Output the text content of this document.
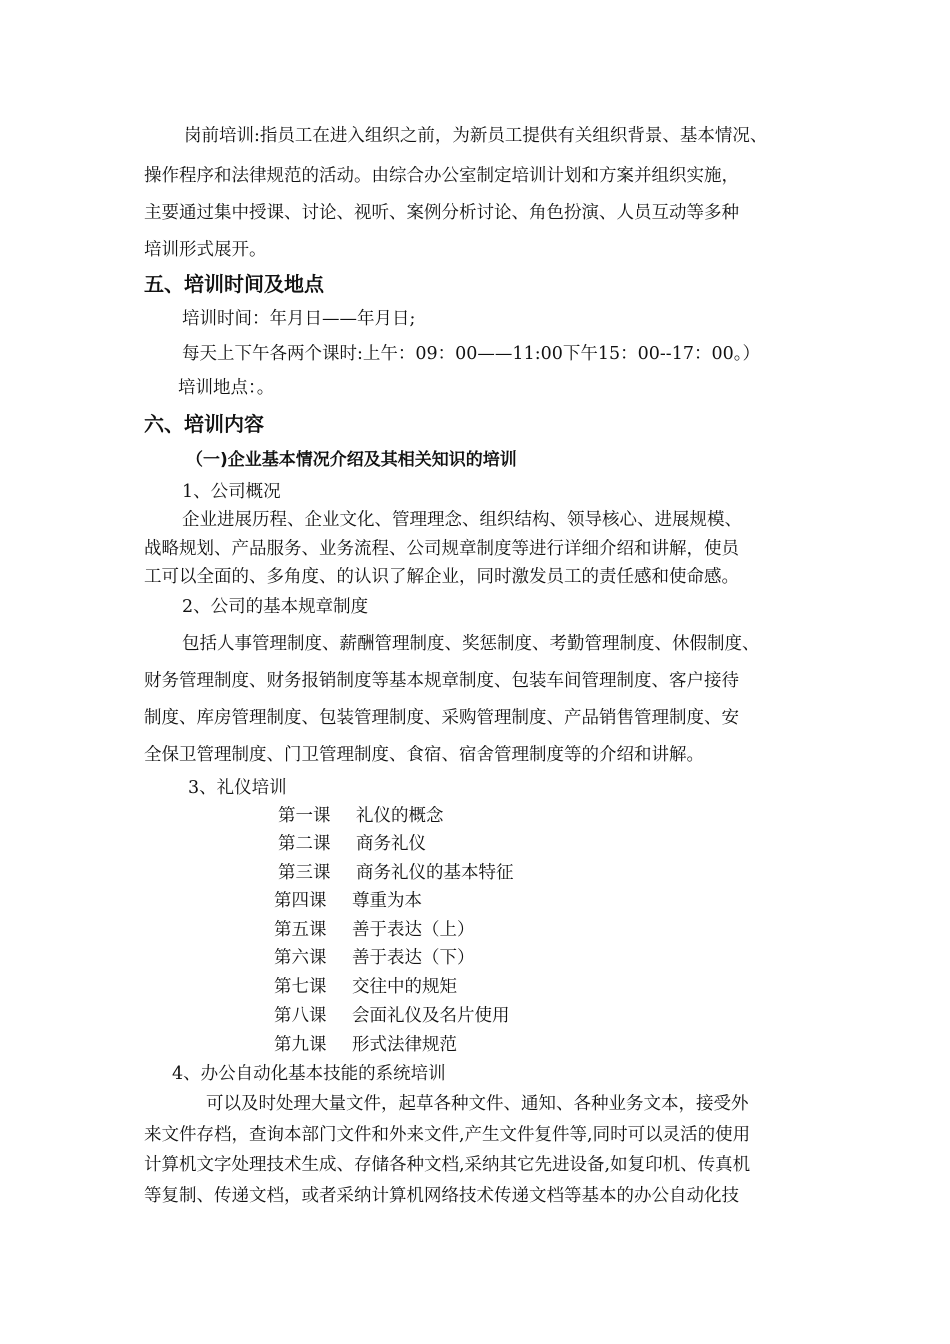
岗前培训:指员工在进入组织之前，为新员工提供有关组织背景、基本情况、
操作程序和法律规范的活动。由综合办公室制定培训计划和方案并组织实施，
主要通过集中授课、讨论、视听、案例分析讨论、角色扮演、人员互动等多种
培训形式展开。
五、培训时间及地点
培训时间：年月日——年月日;
每天上下午各两个课时:上午：09：00——11:00下午15：00--17：00。）
培训地点：。
六、培训内容
（一)企业基本情况介绍及其相关知识的培训
1、公司概况
企业进展历程、企业文化、管理理念、组织结构、领导核心、进展规模、
战略规划、产品服务、业务流程、公司规章制度等进行详细介绍和讲解，使员
工可以全面的、多角度、的认识了解企业，同时激发员工的责任感和使命感。
2、公司的基本规章制度
包括人事管理制度、薪酬管理制度、奖惩制度、考勤管理制度、休假制度、
财务管理制度、财务报销制度等基本规章制度、包装车间管理制度、客户接待
制度、库房管理制度、包装管理制度、采购管理制度、产品销售管理制度、安
全保卫管理制度、门卫管理制度、食宿、宿舍管理制度等的介绍和讲解。
3、礼仪培训
第一课 礼仪的概念
第二课 商务礼仪
第三课 商务礼仪的基本特征
第四课 尊重为本
第五课 善于表达（上）
第六课 善于表达（下）
第七课 交往中的规矩
第八课 会面礼仪及名片使用
第九课 形式法律规范
4、办公自动化基本技能的系统培训
可以及时处理大量文件，起草各种文件、通知、各种业务文本，接受外
来文件存档，查询本部门文件和外来文件,产生文件复件等,同时可以灵活的使用
计算机文字处理技术生成、存储各种文档,采纳其它先进设备,如复印机、传真机
等复制、传递文档，或者采纳计算机网络技术传递文档等基本的办公自动化技
